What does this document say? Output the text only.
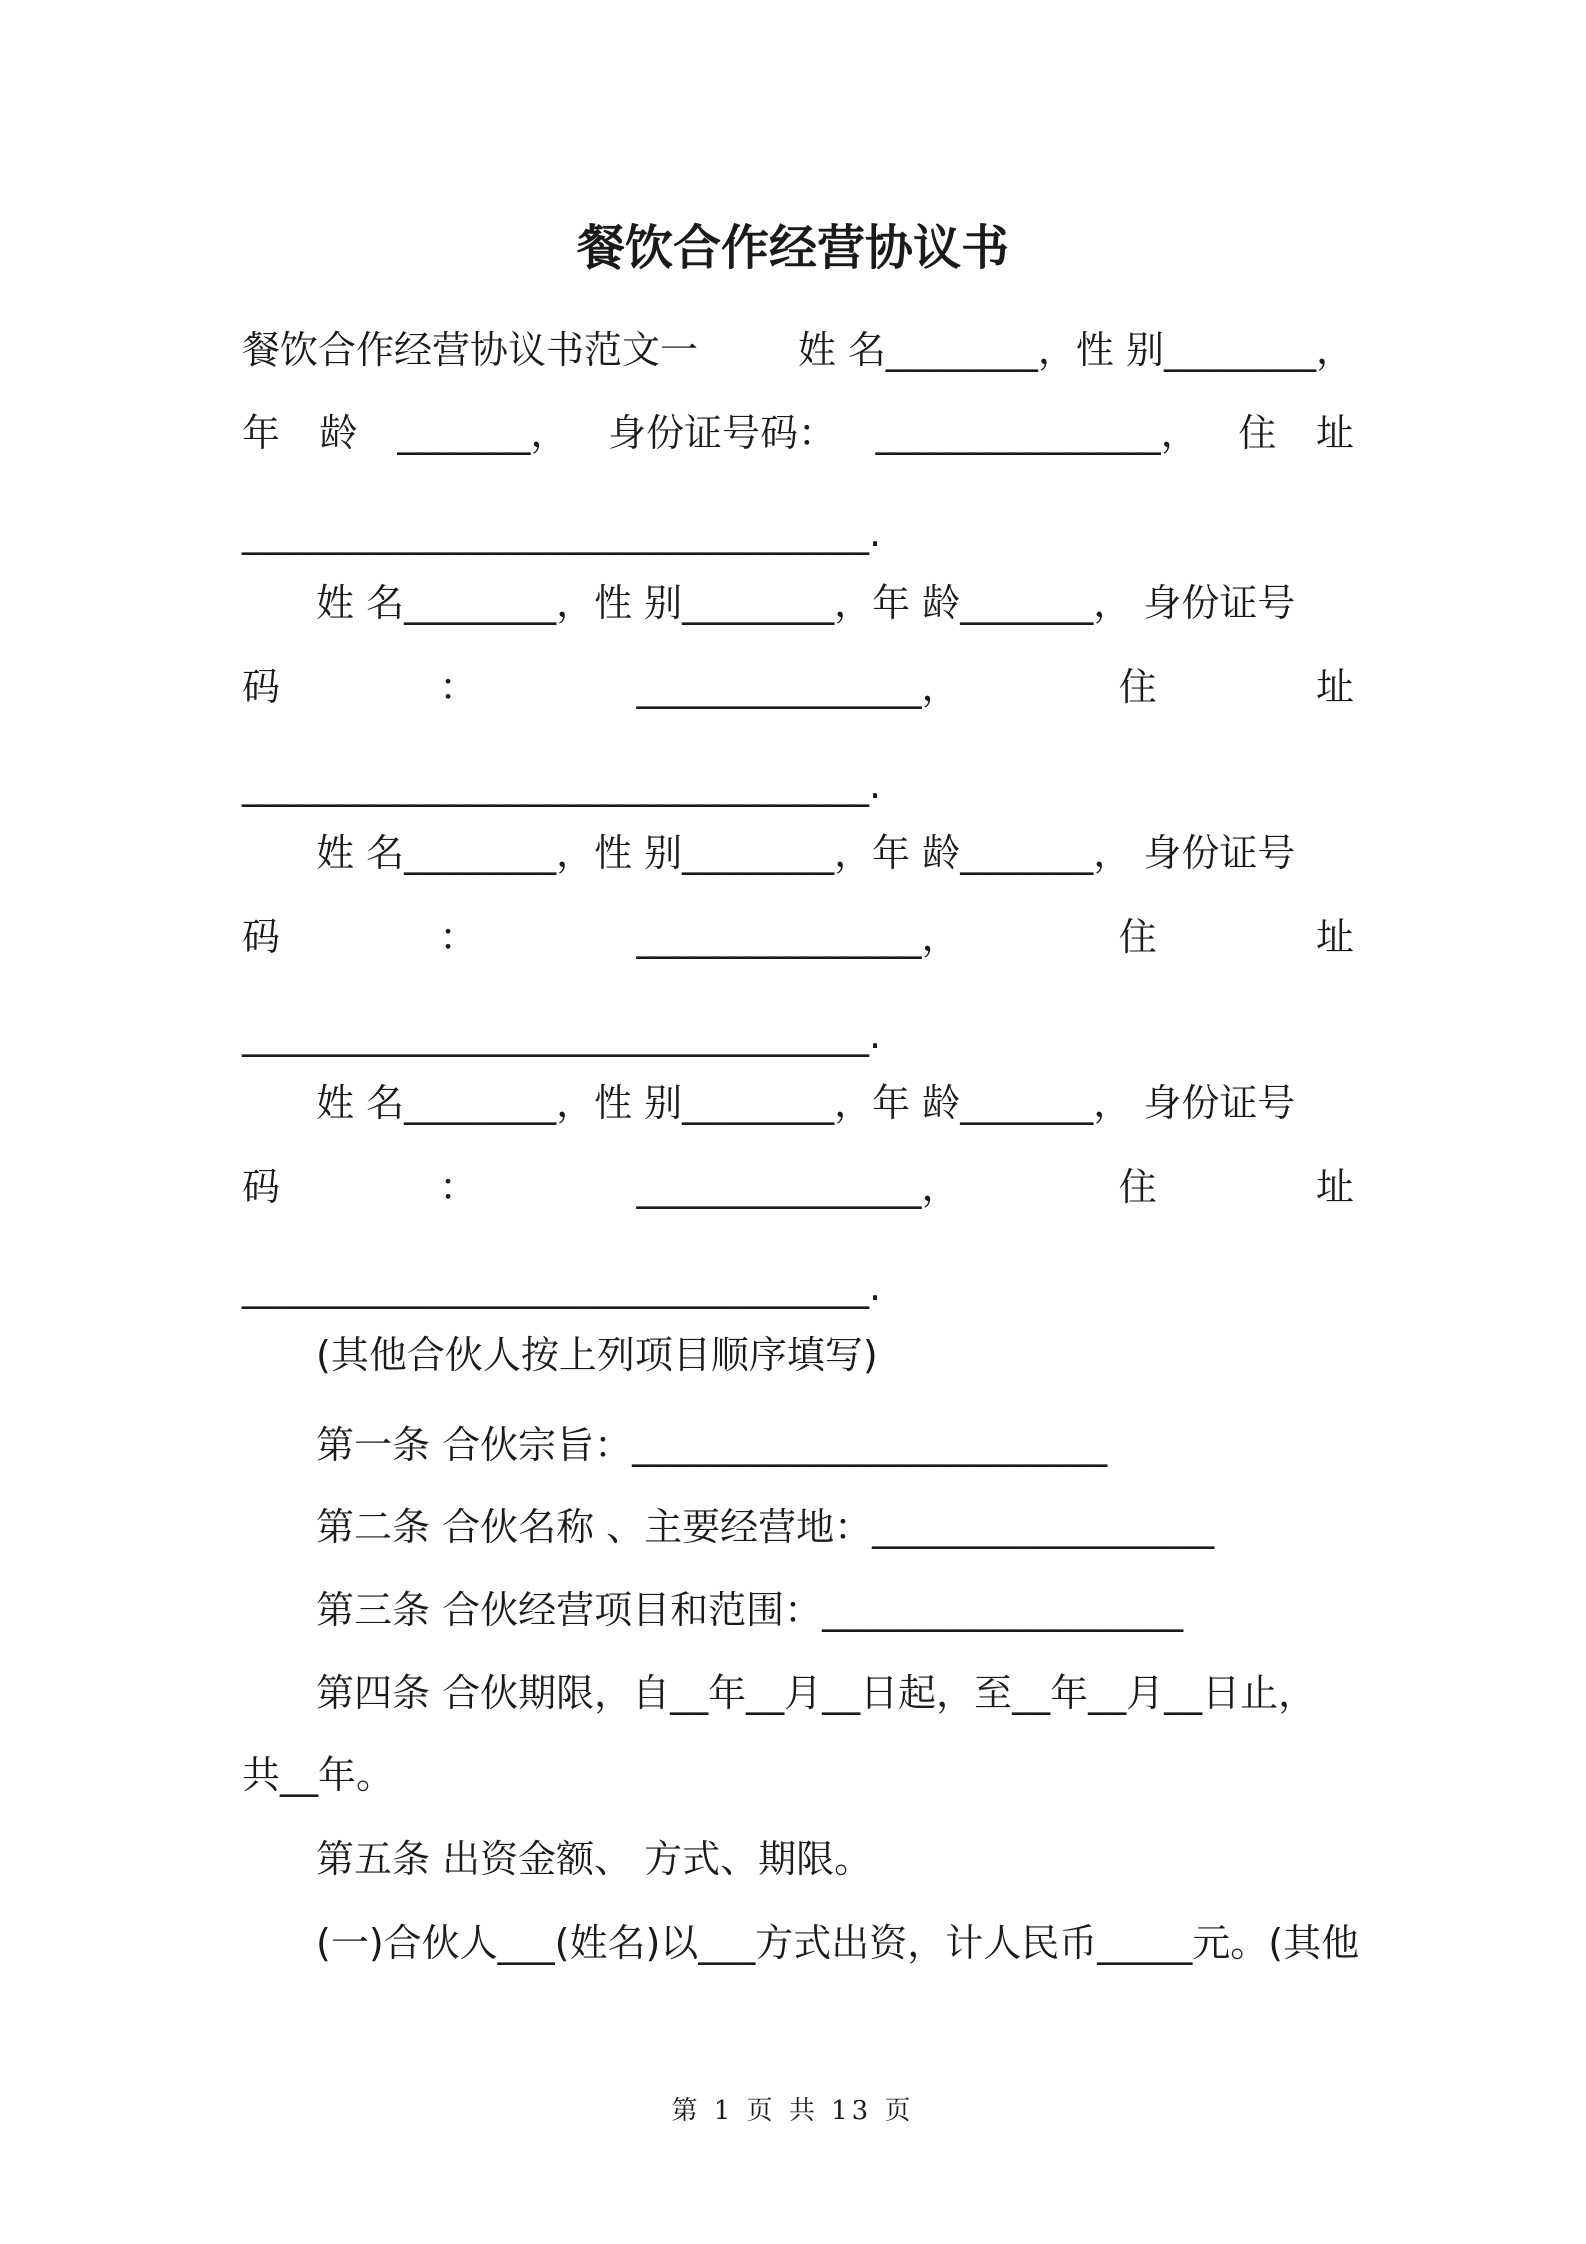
餐饮合作经营协议书
餐饮合作经营协议书范文一	姓 名________，性 别________，
年 龄 _______， 身份证号码： _______________， 住 址
_________________________________.
姓 名________，性 别________，年 龄_______， 身份证号
码	：	_______________，	住	址
_________________________________.
姓 名________，性 别________，年 龄_______， 身份证号
码	：	_______________，	住	址
_________________________________.
姓 名________，性 别________，年 龄_______， 身份证号
码	：	_______________，	住	址
_________________________________.
(其他合伙人按上列项目顺序填写)
第一条 合伙宗旨：_________________________
第二条 合伙名称 、主要经营地：__________________
第三条 合伙经营项目和范围：___________________
第四条 合伙期限，自__年__月__日起，至__年__月__日止，
共__年。
第五条 出资金额、 方式、期限。
(一)合伙人___(姓名)以___方式出资，计人民币_____元。(其他
第 1 页 共 13 页
